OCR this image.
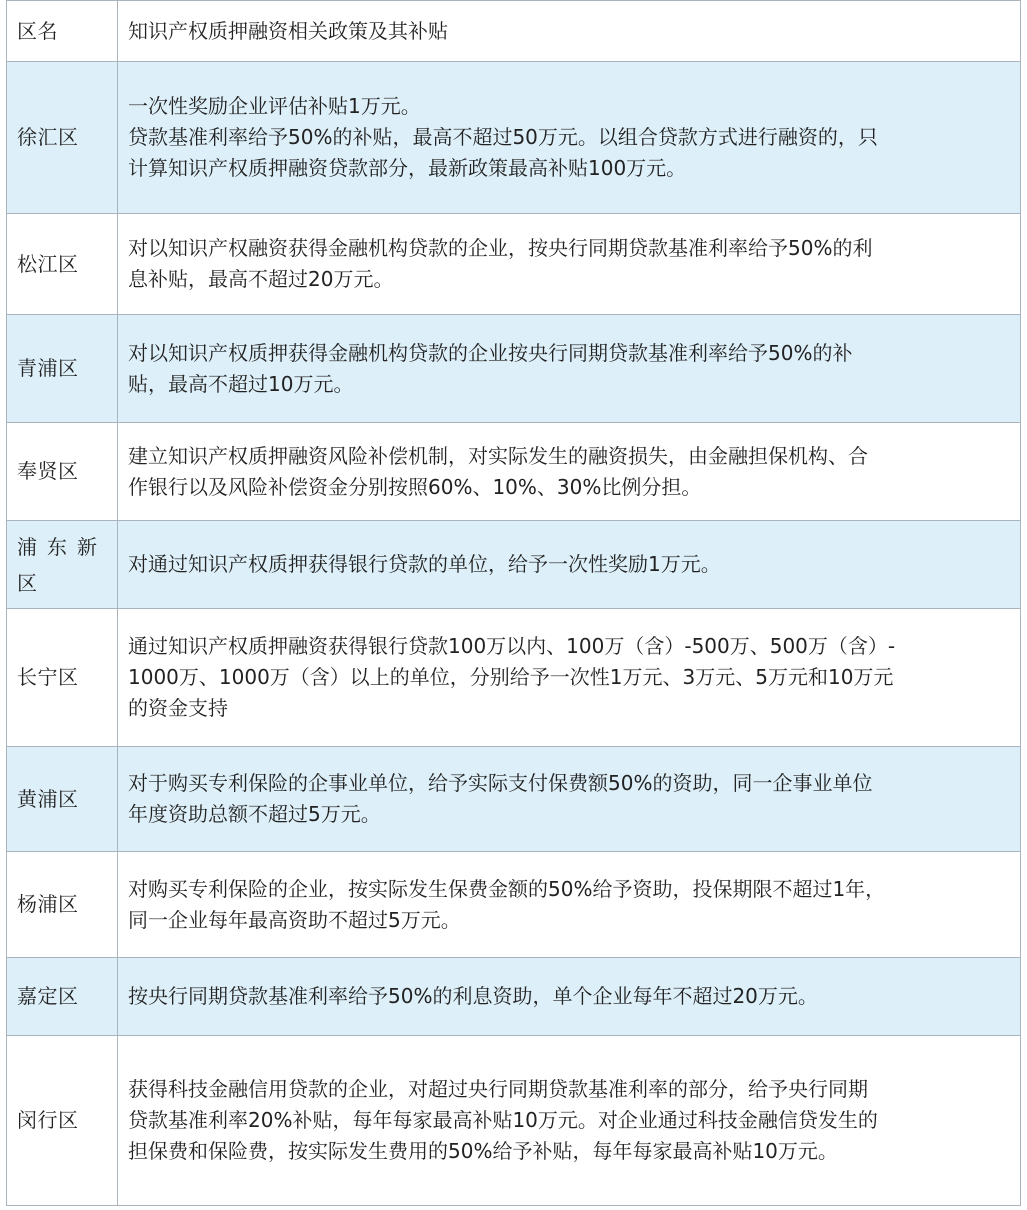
区名	知识产权质押融资相关政策及其补贴
徐汇区	一次性奖励企业评估补贴1万元。
贷款基准利率给予50%的补贴，最高不超过50万元。以组合贷款方式进行融资的，只
计算知识产权质押融资贷款部分，最新政策最高补贴100万元。

松江区	对以知识产权融资获得金融机构贷款的企业，按央行同期贷款基准利率给予50%的利
息补贴，最高不超过20万元。

青浦区	对以知识产权质押获得金融机构贷款的企业按央行同期贷款基准利率给予50%的补
贴，最高不超过10万元。

奉贤区	建立知识产权质押融资风险补偿机制，对实际发生的融资损失，由金融担保机构、合
作银行以及风险补偿资金分别按照60%、10%、30%比例分担。

浦东新区	对通过知识产权质押获得银行贷款的单位，给予一次性奖励1万元。

长宁区	通过知识产权质押融资获得银行贷款100万以内、100万（含）-500万、500万（含）-
1000万、1000万（含）以上的单位，分别给予一次性1万元、3万元、5万元和10万元
的资金支持

黄浦区	对于购买专利保险的企事业单位，给予实际支付保费额50%的资助，同一企事业单位
年度资助总额不超过5万元。

杨浦区	对购买专利保险的企业，按实际发生保费金额的50%给予资助，投保期限不超过1年，
同一企业每年最高资助不超过5万元。

嘉定区	按央行同期贷款基准利率给予50%的利息资助，单个企业每年不超过20万元。

闵行区	获得科技金融信用贷款的企业，对超过央行同期贷款基准利率的部分，给予央行同期
贷款基准利率20%补贴，每年每家最高补贴10万元。对企业通过科技金融信贷发生的
担保费和保险费，按实际发生费用的50%给予补贴，每年每家最高补贴10万元。
